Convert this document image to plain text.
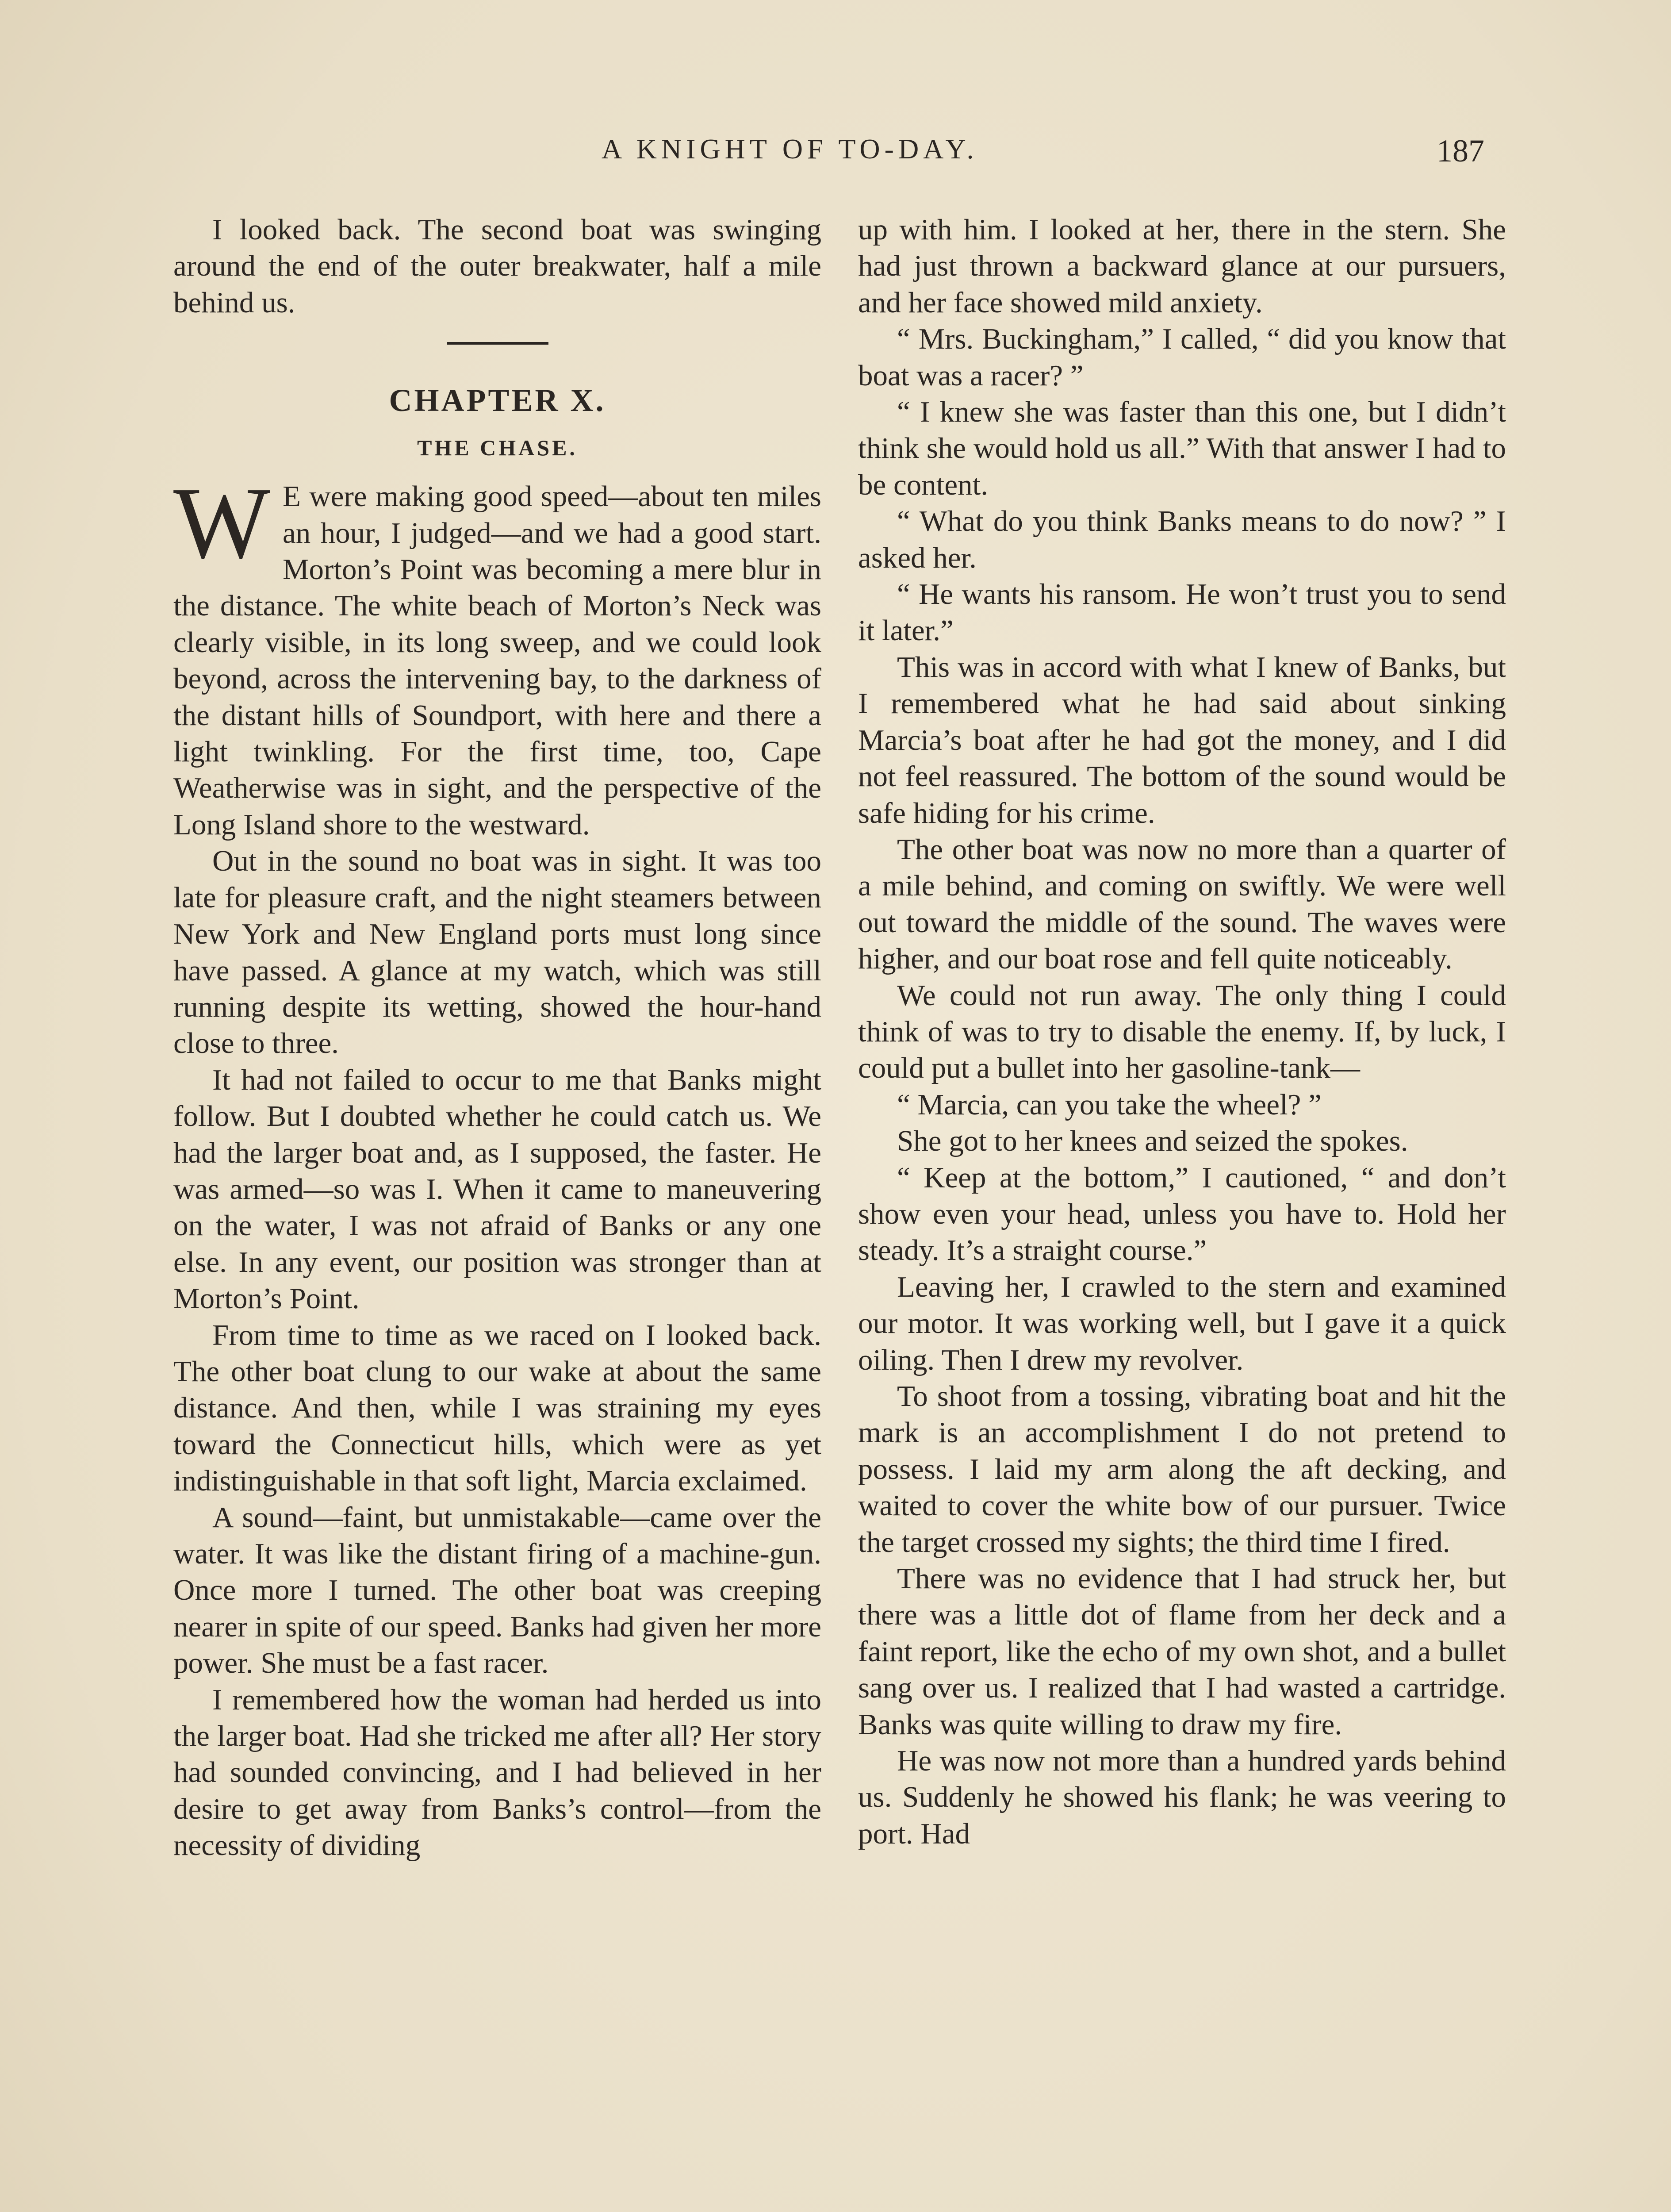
A KNIGHT OF TO-DAY.	187

I looked back. The second boat was swinging around the end of the outer breakwater, half a mile behind us.

CHAPTER X.
THE CHASE.

W E were making good speed—about ten miles an hour, I judged—and we had a good start. Morton’s Point was becoming a mere blur in the distance. The white beach of Morton’s Neck was clearly visible, in its long sweep, and we could look beyond, across the intervening bay, to the darkness of the distant hills of Soundport, with here and there a light twinkling. For the first time, too, Cape Weatherwise was in sight, and the perspective of the Long Island shore to the westward.

Out in the sound no boat was in sight. It was too late for pleasure craft, and the night steamers between New York and New England ports must long since have passed. A glance at my watch, which was still running despite its wetting, showed the hour-hand close to three.

It had not failed to occur to me that Banks might follow. But I doubted whether he could catch us. We had the larger boat and, as I supposed, the faster. He was armed—so was I. When it came to maneuvering on the water, I was not afraid of Banks or any one else. In any event, our position was stronger than at Morton’s Point.

From time to time as we raced on I looked back. The other boat clung to our wake at about the same distance. And then, while I was straining my eyes toward the Connecticut hills, which were as yet indistinguishable in that soft light, Marcia exclaimed.

A sound—faint, but unmistakable—came over the water. It was like the distant firing of a machine-gun. Once more I turned. The other boat was creeping nearer in spite of our speed. Banks had given her more power. She must be a fast racer.

I remembered how the woman had herded us into the larger boat. Had she tricked me after all? Her story had sounded convincing, and I had believed in her desire to get away from Banks’s control—from the necessity of dividing

up with him. I looked at her, there in the stern. She had just thrown a backward glance at our pursuers, and her face showed mild anxiety.

“ Mrs. Buckingham,” I called, “ did you know that boat was a racer? ”

“ I knew she was faster than this one, but I didn’t think she would hold us all.” With that answer I had to be content.

“ What do you think Banks means to do now? ” I asked her.

“ He wants his ransom. He won’t trust you to send it later.”

This was in accord with what I knew of Banks, but I remembered what he had said about sinking Marcia’s boat after he had got the money, and I did not feel reassured. The bottom of the sound would be safe hiding for his crime.

The other boat was now no more than a quarter of a mile behind, and coming on swiftly. We were well out toward the middle of the sound. The waves were higher, and our boat rose and fell quite noticeably.

We could not run away. The only thing I could think of was to try to disable the enemy. If, by luck, I could put a bullet into her gasoline-tank—

“ Marcia, can you take the wheel? ”

She got to her knees and seized the spokes.

“ Keep at the bottom,” I cautioned, “ and don’t show even your head, unless you have to. Hold her steady. It’s a straight course.”

Leaving her, I crawled to the stern and examined our motor. It was working well, but I gave it a quick oiling. Then I drew my revolver.

To shoot from a tossing, vibrating boat and hit the mark is an accomplishment I do not pretend to possess. I laid my arm along the aft decking, and waited to cover the white bow of our pursuer. Twice the target crossed my sights; the third time I fired.

There was no evidence that I had struck her, but there was a little dot of flame from her deck and a faint report, like the echo of my own shot, and a bullet sang over us. I realized that I had wasted a cartridge. Banks was quite willing to draw my fire.

He was now not more than a hundred yards behind us. Suddenly he showed his flank; he was veering to port. Had
